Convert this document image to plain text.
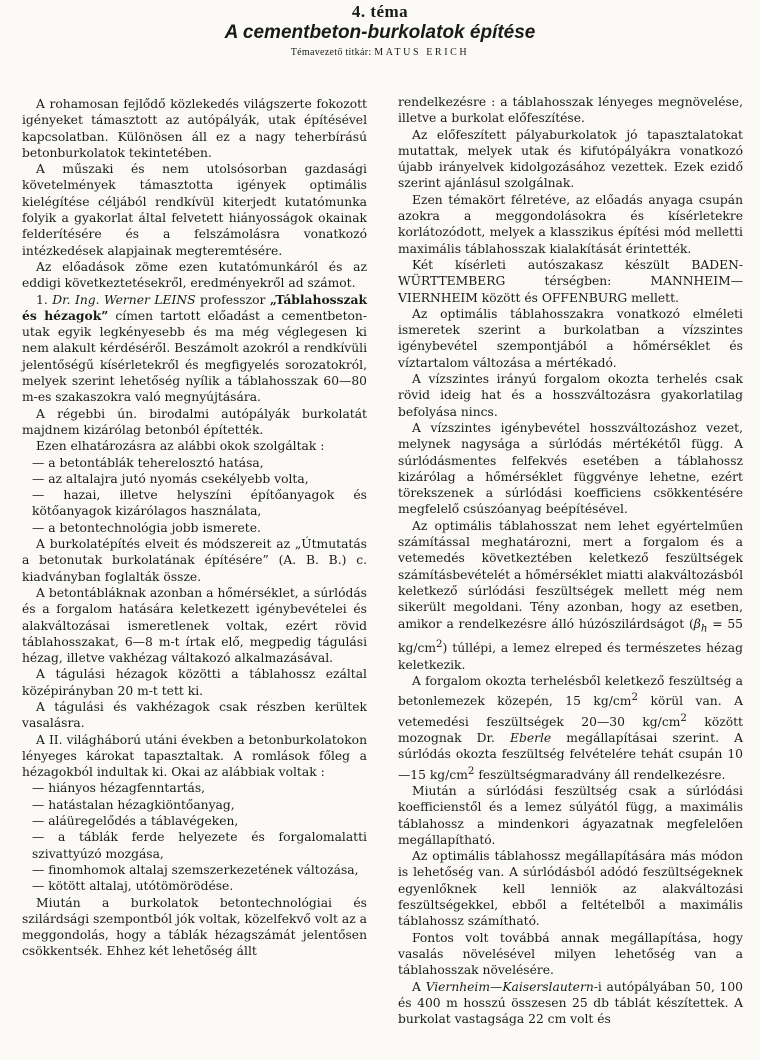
4. téma
A cementbeton-burkolatok építése
Témavezető titkár: MATUS ERICH

A rohamosan fejlődő közlekedés világszerte fokozott igényeket támasztott az autópályák, utak építésével kapcsolatban. Különösen áll ez a nagy teherbírású betonburkolatok tekintetében.

A műszaki és nem utolsósorban gazdasági követelmények támasztotta igények optimális kielégítése céljából rendkívül kiterjedt kutatómunka folyik a gyakorlat által felvetett hiányosságok okainak felderítésére és a felszámolásra vonatkozó intézkedések alapjainak megteremtésére.

Az előadások zöme ezen kutatómunkáról és az eddigi következtetésekről, eredményekről ad számot.

1. Dr. Ing. Werner LEINS professzor „Táblahosszak és hézagok” címen tartott előadást a cementbeton-utak egyik legkényesebb és ma még véglegesen ki nem alakult kérdéséről. Beszámolt azokról a rendkívüli jelentőségű kísérletekről és megfigyelés sorozatokról, melyek szerint lehetőség nyílik a táblahosszak 60—80 m-es szakaszokra való megnyújtására.

A régebbi ún. birodalmi autópályák burkolatát majdnem kizárólag betonból építették.

Ezen elhatározásra az alábbi okok szolgáltak :

— a betontáblák teherelosztó hatása,

— az altalajra jutó nyomás csekélyebb volta,

— hazai, illetve helyszíni építőanyagok és kötőanyagok kizárólagos használata,

— a betontechnológia jobb ismerete.

A burkolatépítés elveit és módszereit az „Útmutatás a betonutak burkolatának építésére” (A. B. B.) c. kiadványban foglalták össze.

A betontábláknak azonban a hőmérséklet, a súrlódás és a forgalom hatására keletkezett igénybevételei és alakváltozásai ismeretlenek voltak, ezért rövid táblahosszakat, 6—8 m-t írtak elő, megpedig tágulási hézag, illetve vakhézag váltakozó alkalmazásával.

A tágulási hézagok közötti a táblahossz ezáltal középirányban 20 m-t tett ki.

A tágulási és vakhézagok csak részben kerültek vasalásra.

A II. világháború utáni években a betonburkolatokon lényeges károkat tapasztaltak. A romlások főleg a hézagokból indultak ki. Okai az alábbiak voltak :

— hiányos hézagfenntartás,

— hatástalan hézagkiöntőanyag,

— aláüregelődés a táblavégeken,

— a táblák ferde helyezete és forgalomalatti szivattyúzó mozgása,

— finomhomok altalaj szemszerkezetének változása,

— kötött altalaj, utótömörödése.

Miután a burkolatok betontechnológiai és szilárdsági szempontból jók voltak, közelfekvő volt az a meggondolás, hogy a táblák hézagszámát jelentősen csökkentsék. Ehhez két lehetőség állt

rendelkezésre : a táblahosszak lényeges megnövelése, illetve a burkolat előfeszítése.

Az előfeszített pályaburkolatok jó tapasztalatokat mutattak, melyek utak és kifutópályákra vonatkozó újabb irányelvek kidolgozásához vezettek. Ezek ezidő szerint ajánlásul szolgálnak.

Ezen témakört félretéve, az előadás anyaga csupán azokra a meggondolásokra és kísérletekre korlátozódott, melyek a klasszikus építési mód melletti maximális táblahosszak kialakítását érintették.

Két kísérleti autószakasz készült BADEN-WÜRTTEMBERG térségben: MANNHEIM—VIERNHEIM között és OFFENBURG mellett.

Az optimális táblahosszakra vonatkozó elméleti ismeretek szerint a burkolatban a vízszintes igénybevétel szempontjából a hőmérséklet és víztartalom változása a mértékadó.

A vízszintes irányú forgalom okozta terhelés csak rövid ideig hat és a hosszváltozásra gyakorlatilag befolyása nincs.

A vízszintes igénybevétel hosszváltozáshoz vezet, melynek nagysága a súrlódás mértékétől függ. A súrlódásmentes felfekvés esetében a táblahossz kizárólag a hőmérséklet függvénye lehetne, ezért törekszenek a súrlódási koefficiens csökkentésére megfelelő csúszóanyag beépítésével.

Az optimális táblahosszat nem lehet egyértelműen számítással meghatározni, mert a forgalom és a vetemedés következtében keletkező feszültségek számításbevételét a hőmérséklet miatti alakváltozásból keletkező súrlódási feszültségek mellett még nem sikerült megoldani. Tény azonban, hogy az esetben, amikor a rendelkezésre álló húzószilárdságot ($\beta_h = 55$ $kg/cm^2$) túllépi, a lemez elreped és természetes hézag keletkezik.

A forgalom okozta terhelésből keletkező feszültség a betonlemezek közepén, 15 $kg/cm^2$ körül van. A vetemedési feszültségek 20—30 $kg/cm^2$ között mozognak Dr. Eberle megállapításai szerint. A súrlódás okozta feszültség felvételére tehát csupán 10—15 $kg/cm^2$ feszültségmaradvány áll rendelkezésre.

Miután a súrlódási feszültség csak a súrlódási koefficienstől és a lemez súlyától függ, a maximális táblahossz a mindenkori ágyazatnak megfelelően megállapítható.

Az optimális táblahossz megállapítására más módon is lehetőség van. A súrlódásból adódó feszültségeknek egyenlőknek kell lenniök az alakváltozási feszültségekkel, ebből a feltételből a maximális táblahossz számítható.

Fontos volt továbbá annak megállapítása, hogy vasalás növelésével milyen lehetőség van a táblahosszak növelésére.

A Viernheim—Kaiserslautern-i autópályában 50, 100 és 400 m hosszú összesen 25 db táblát készítettek. A burkolat vastagsága 22 cm volt és
